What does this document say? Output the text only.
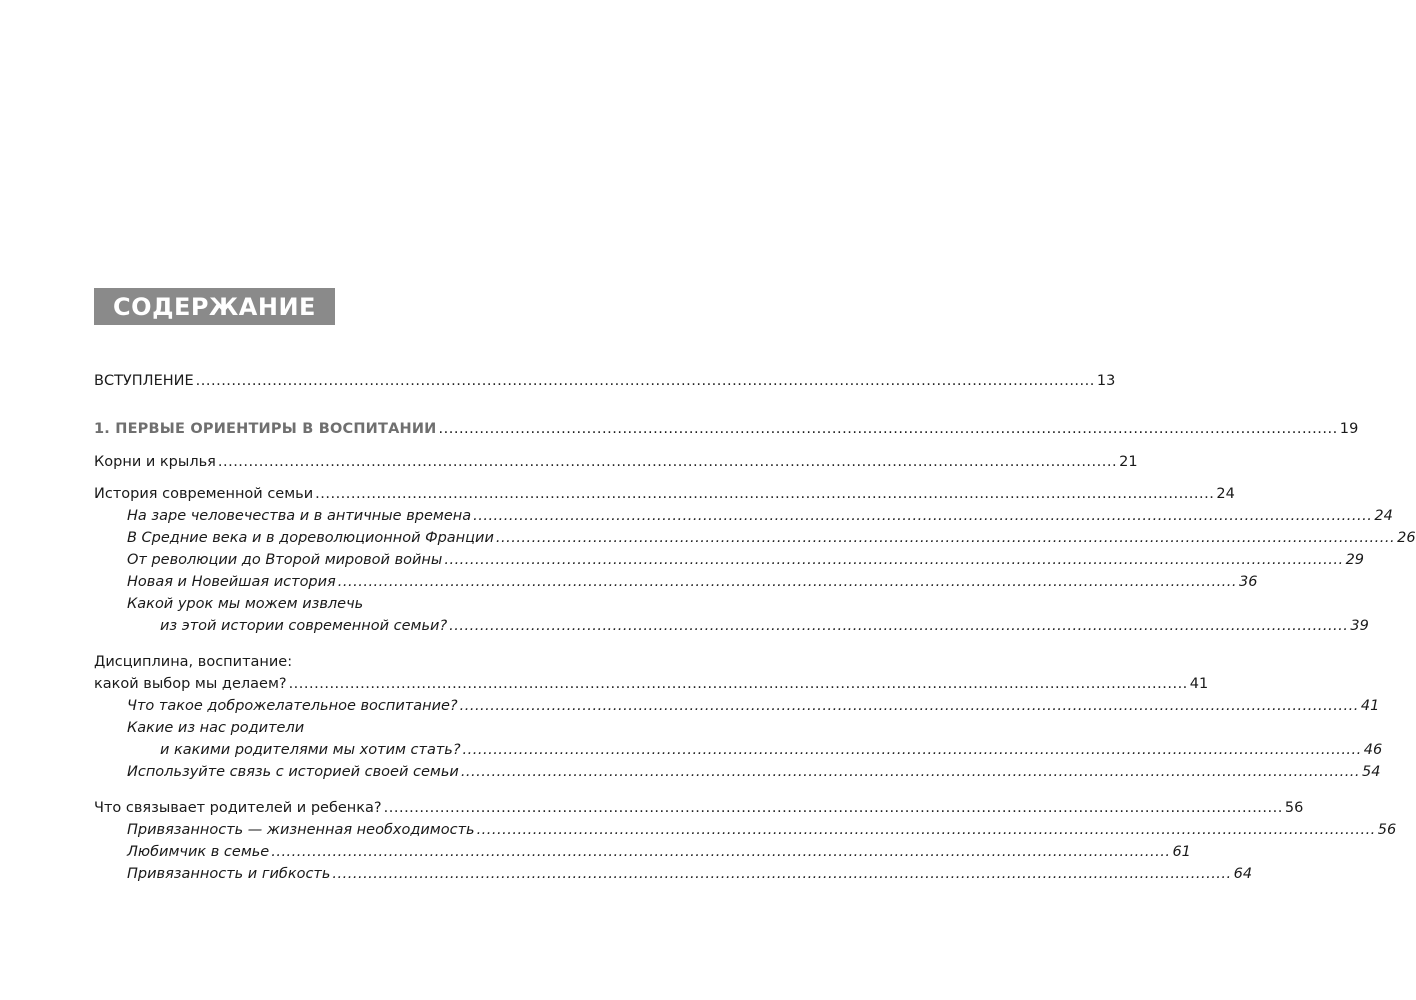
СОДЕРЖАНИЕ
ВСТУПЛЕНИЕ ................................................................................................................................................................................ 13
1. ПЕРВЫЕ ОРИЕНТИРЫ В ВОСПИТАНИИ ................................................................................................................................................................................ 19
Корни и крылья ................................................................................................................................................................................ 21
История современной семьи ................................................................................................................................................................................ 24
На заре человечества и в античные времена ................................................................................................................................................................................ 24
В Средние века и в дореволюционной Франции ................................................................................................................................................................................ 26
От революции до Второй мировой войны ................................................................................................................................................................................ 29
Новая и Новейшая история ................................................................................................................................................................................ 36
Какой урок мы можем извлечь
из этой истории современной семьи? ................................................................................................................................................................................ 39
Дисциплина, воспитание:
какой выбор мы делаем? ................................................................................................................................................................................ 41
Что такое доброжелательное воспитание? ................................................................................................................................................................................ 41
Какие из нас родители
и какими родителями мы хотим стать? ................................................................................................................................................................................ 46
Используйте связь с историей своей семьи ................................................................................................................................................................................ 54
Что связывает родителей и ребенка? ................................................................................................................................................................................ 56
Привязанность — жизненная необходимость ................................................................................................................................................................................ 56
Любимчик в семье ................................................................................................................................................................................ 61
Привязанность и гибкость ................................................................................................................................................................................ 64
